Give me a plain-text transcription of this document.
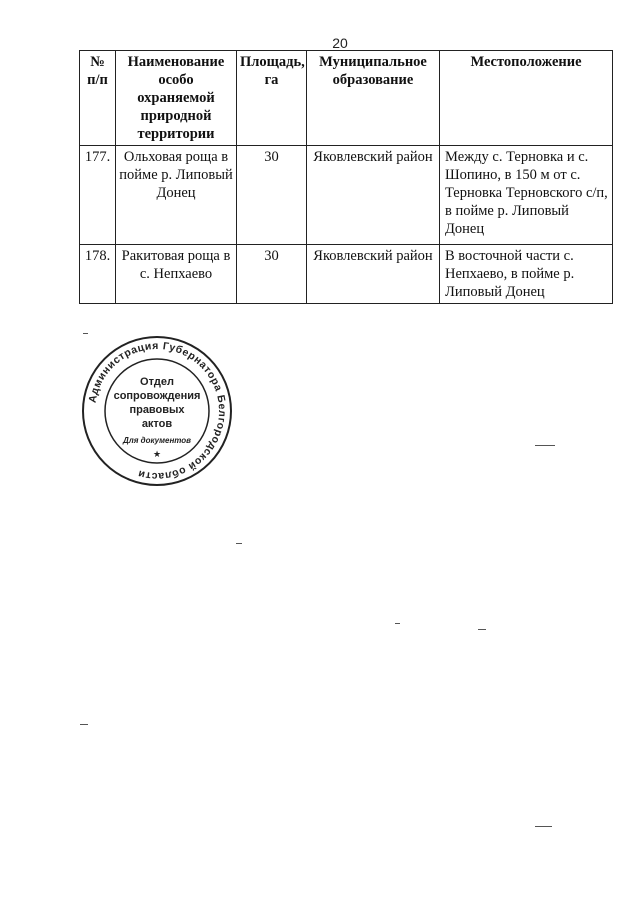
20
№ п/п	Наименование особо охраняемой природной территории	Площадь, га	Муниципальное образование	Местоположение
177.	Ольховая роща в пойме р. Липовый Донец	30	Яковлевский район	Между с. Терновка и с. Шопино, в 150 м от с. Терновка Терновского с/п, в пойме р. Липовый Донец
178.	Ракитовая роща в с. Непхаево	30	Яковлевский район	В восточной части с. Непхаево, в пойме р. Липовый Донец
Администрация Губернатора Белгородской области
Отдел
сопровождения
правовых
актов
Для документов
★
